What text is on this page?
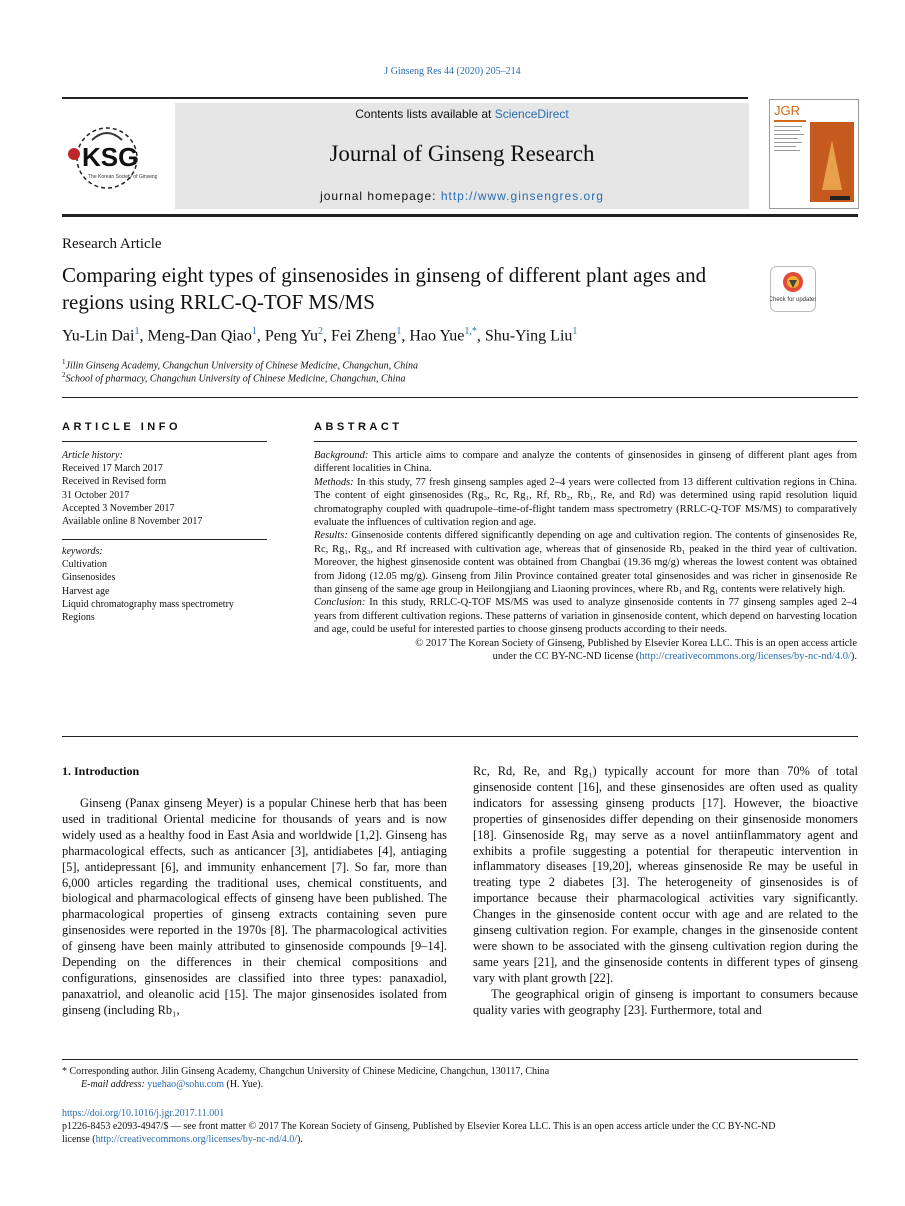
J Ginseng Res 44 (2020) 205–214
KSG
The Korean Society of Ginseng
Contents lists available at ScienceDirect
Journal of Ginseng Research
journal homepage: http://www.ginsengres.org
JGR
Research Article
Comparing eight types of ginsenosides in ginseng of different plant ages and regions using RRLC-Q-TOF MS/MS	Check for updates
Yu-Lin Dai$^1$, Meng-Dan Qiao$^1$, Peng Yu$^2$, Fei Zheng$^1$, Hao Yue$^{1,*}$, Shu-Ying Liu$^1$
$^1$Jilin Ginseng Academy, Changchun University of Chinese Medicine, Changchun, China
$^2$School of pharmacy, Changchun University of Chinese Medicine, Changchun, China
ARTICLE INFO
Article history:
Received 17 March 2017
Received in Revised form
31 October 2017
Accepted 3 November 2017
Available online 8 November 2017
keywords:
Cultivation
Ginsenosides
Harvest age
Liquid chromatography mass spectrometry
Regions
ABSTRACT

Background: This article aims to compare and analyze the contents of ginsenosides in ginseng of different plant ages from different localities in China.

Methods: In this study, 77 fresh ginseng samples aged 2–4 years were collected from 13 different cultivation regions in China. The content of eight ginsenosides (Rg₃, Rc, Rg₁, Rf, Rb₂, Rb₁, Re, and Rd) was determined using rapid resolution liquid chromatography coupled with quadrupole–time-of-flight tandem mass spectrometry (RRLC-Q-TOF MS/MS) to comparatively evaluate the influences of cultivation region and age.

Results: Ginsenoside contents differed significantly depending on age and cultivation region. The contents of ginsenosides Re, Rc, Rg₁, Rg₃, and Rf increased with cultivation age, whereas that of ginsenoside Rb₁ peaked in the third year of cultivation. Moreover, the highest ginsenoside content was obtained from Changbai (19.36 mg/g) whereas the lowest content was obtained from Jidong (12.05 mg/g). Ginseng from Jilin Province contained greater total ginsenosides and was richer in ginsenoside Re than ginseng of the same age group in Heilongjiang and Liaoning provinces, where Rb₁ and Rg₁ contents were relatively high.

Conclusion: In this study, RRLC-Q-TOF MS/MS was used to analyze ginsenoside contents in 77 ginseng samples aged 2–4 years from different cultivation regions. These patterns of variation in ginsenoside content, which depend on harvesting location and age, could be useful for interested parties to choose ginseng products according to their needs.

© 2017 The Korean Society of Ginseng, Published by Elsevier Korea LLC. This is an open access article
under the CC BY-NC-ND license (http://creativecommons.org/licenses/by-nc-nd/4.0/).

1. Introduction

Ginseng (Panax ginseng Meyer) is a popular Chinese herb that has been used in traditional Oriental medicine for thousands of years and is now widely used as a healthy food in East Asia and worldwide [1,2]. Ginseng has pharmacological effects, such as anticancer [3], antidiabetes [4], antiaging [5], antidepressant [6], and immunity enhancement [7]. So far, more than 6,000 articles regarding the traditional uses, chemical constituents, and biological and pharmacological effects of ginseng have been published. The pharmacological properties of ginseng extracts containing seven pure ginsenosides were reported in the 1970s [8]. The pharmacological activities of ginseng have been mainly attributed to ginsenoside compounds [9–14]. Depending on the differences in their chemical compositions and configurations, ginsenosides are classified into three types: panaxadiol, panaxatriol, and oleanolic acid [15]. The major ginsenosides isolated from ginseng (including Rb₁,

Rc, Rd, Re, and Rg₁) typically account for more than 70% of total ginsenoside content [16], and these ginsenosides are often used as quality indicators for assessing ginseng products [17]. However, the bioactive properties of ginsenosides differ depending on their ginsenoside monomers [18]. Ginsenoside Rg₁ may serve as a novel antiinflammatory agent and exhibits a profile suggesting a potential for therapeutic intervention in inflammatory diseases [19,20], whereas ginsenoside Re may be useful in treating type 2 diabetes [3]. The heterogeneity of ginsenosides is of importance because their pharmacological activities vary significantly. Changes in the ginsenoside content occur with age and are related to the ginseng cultivation region. For example, changes in the ginsenoside content were shown to be associated with the ginseng cultivation region during the same years [21], and the ginsenoside contents in different types of ginseng vary with plant growth [22].

The geographical origin of ginseng is important to consumers because quality varies with geography [23]. Furthermore, total and

* Corresponding author. Jilin Ginseng Academy, Changchun University of Chinese Medicine, Changchun, 130117, China
E-mail address: yuehao@sohu.com (H. Yue).
https://doi.org/10.1016/j.jgr.2017.11.001
p1226-8453 e2093-4947/$ — see front matter © 2017 The Korean Society of Ginseng, Published by Elsevier Korea LLC. This is an open access article under the CC BY-NC-ND
license (http://creativecommons.org/licenses/by-nc-nd/4.0/).
